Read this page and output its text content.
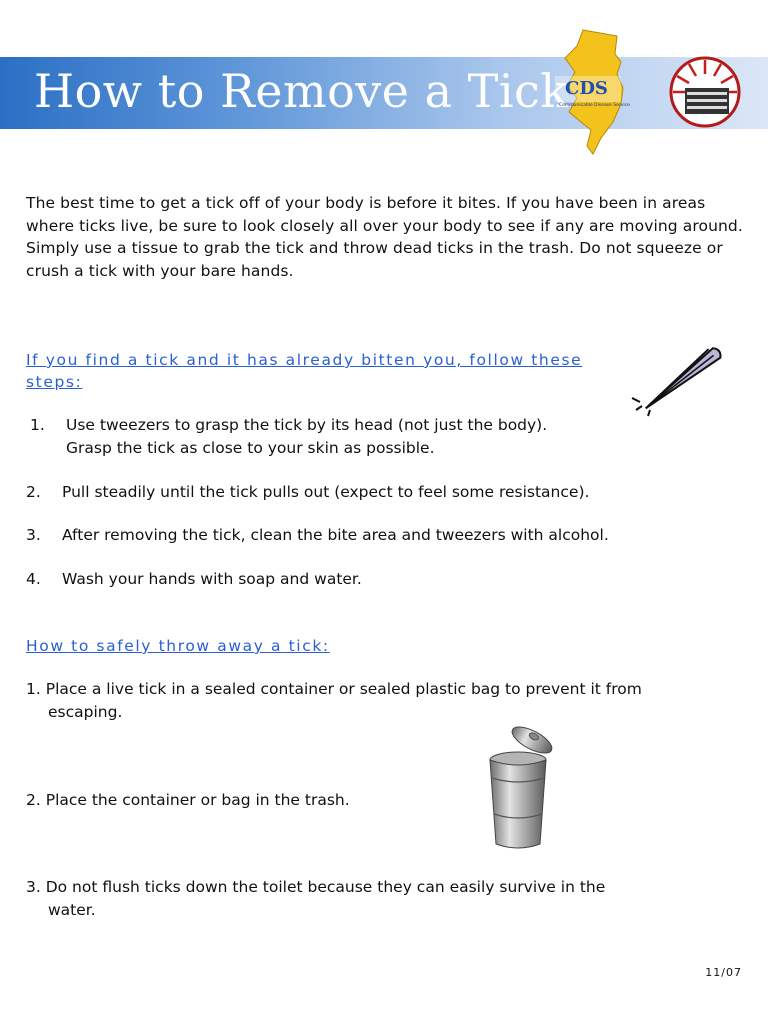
How to Remove a Tick
CDS
Communicable Disease Service

The best time to get a tick off of your body is before it bites. If you have been in areas where ticks live, be sure to look closely all over your body to see if any are moving around. Simply use a tissue to grab the tick and throw dead ticks in the trash. Do not squeeze or crush a tick with your bare hands.

If you find a tick and it has already bitten you, follow these
steps:

1. Use tweezers to grasp the tick by its head (not just the body).
Grasp the tick as close to your skin as possible.

2. Pull steadily until the tick pulls out (expect to feel some resistance).

3. After removing the tick, clean the bite area and tweezers with alcohol.

4. Wash your hands with soap and water.

How to safely throw away a tick:

1. Place a live tick in a sealed container or sealed plastic bag to prevent it from
escaping.

2. Place the container or bag in the trash.

3. Do not flush ticks down the toilet because they can easily survive in the
water.

11/07
